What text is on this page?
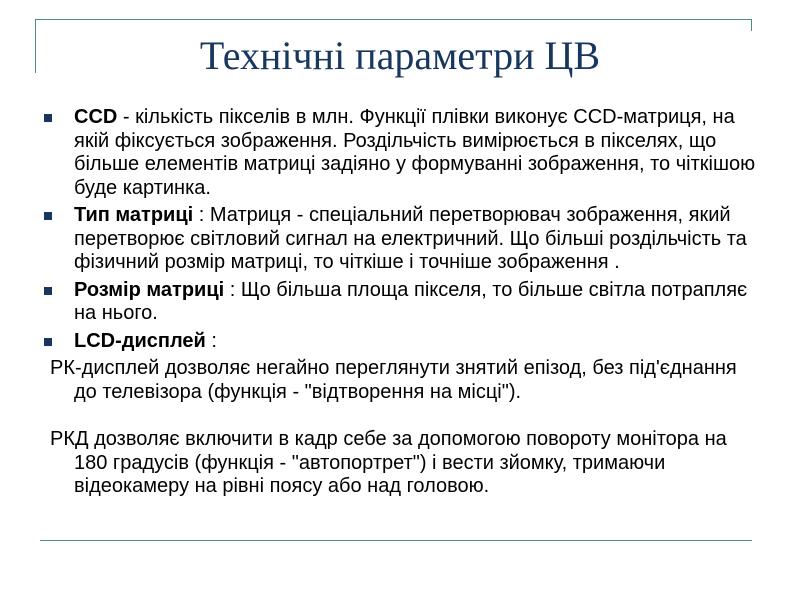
Технічні параметри ЦВ
CCD - кількість пікселів в млн. Функції плівки виконує CCD-матриця, на якій фіксується зображення. Роздільчість вимірюється в пікселях, що більше елементів матриці задіяно у формуванні зображення, то чіткішою буде картинка.
Тип матриці : Матриця - спеціальний перетворювач зображення, який перетворює світловий сигнал на електричний. Що більші роздільчість та фізичний розмір матриці, то чіткіше і точніше зображення .
Розмір матриці : Що більша площа пікселя, то більше світла потрапляє на нього.
LCD-дисплей :

РК-дисплей дозволяє негайно переглянути знятий епізод, без під'єднання до телевізора (функція - "відтворення на місці").

РКД дозволяє включити в кадр себе за допомогою повороту монітора на 180 градусів (функція - "автопортрет") і вести зйомку, тримаючи відеокамеру на рівні поясу або над головою.
